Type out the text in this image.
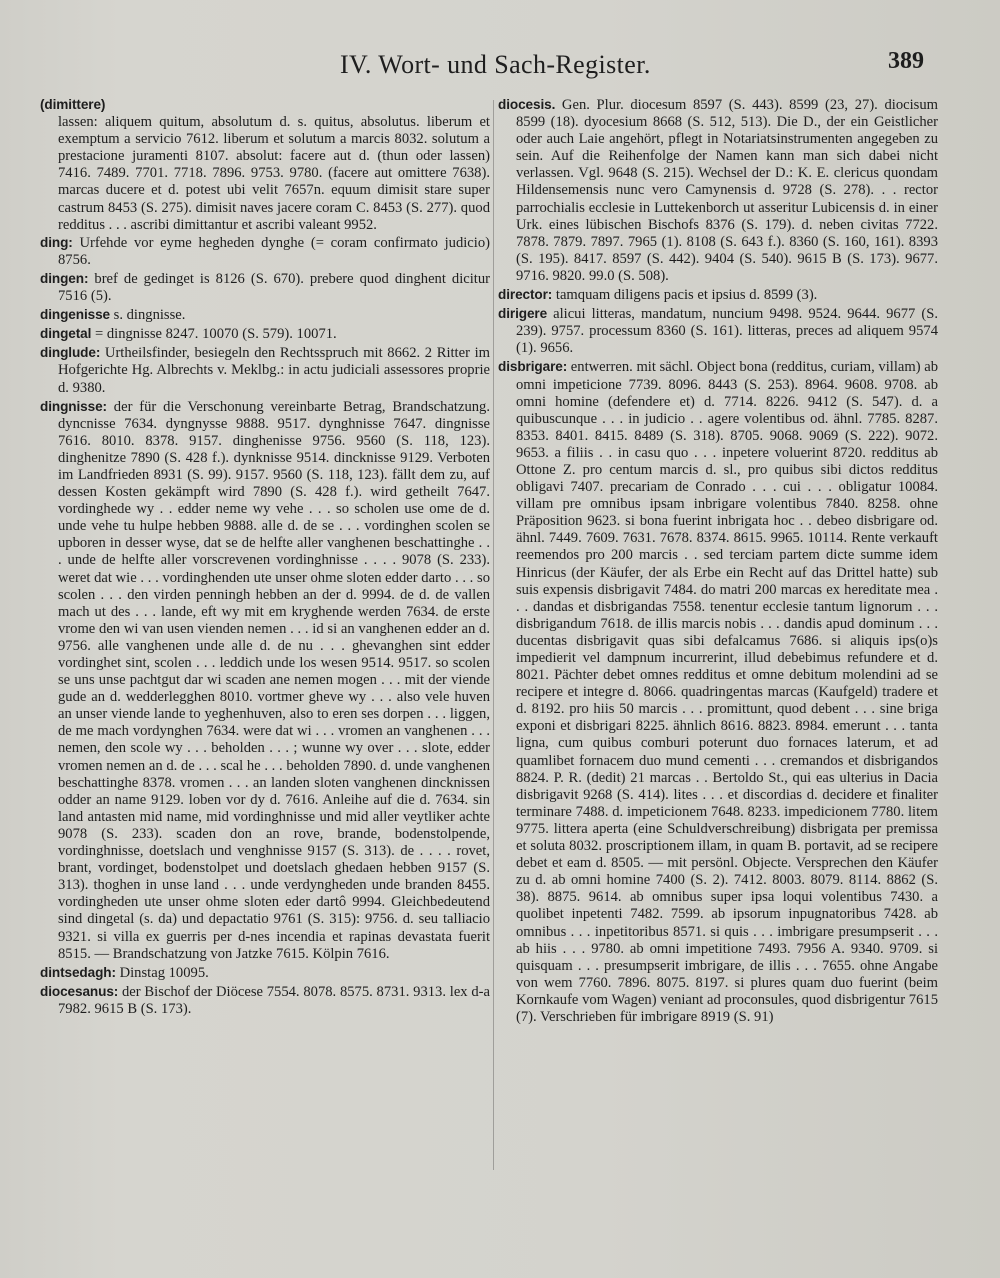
IV. Wort- und Sach-Register.	389

(dimittere)

lassen: aliquem quitum, absolutum d. s. quitus, absolutus. liberum et exemptum a servicio 7612. liberum et solutum a marcis 8032. solutum a prestacione juramenti 8107. absolut: facere aut d. (thun oder lassen) 7416. 7489. 7701. 7718. 7896. 9753. 9780. (facere aut omittere 7638). marcas ducere et d. potest ubi velit 7657n. equum dimisit stare super castrum 8453 (S. 275). dimisit naves jacere coram C. 8453 (S. 277). quod redditus . . . ascribi dimittantur et ascribi valeant 9952.

ding: Urfehde vor eyme hegheden dynghe (= coram confirmato judicio) 8756.

dingen: bref de gedinget is 8126 (S. 670). prebere quod dinghent dicitur 7516 (5).

dingenisse s. dingnisse.

dingetal = dingnisse 8247. 10070 (S. 579). 10071.

dinglude: Urtheilsfinder, besiegeln den Rechtsspruch mit 8662. 2 Ritter im Hofgerichte Hg. Albrechts v. Meklbg.: in actu judiciali assessores proprie d. 9380.

dingnisse: der für die Verschonung vereinbarte Betrag, Brandschatzung. dyncnisse 7634. dyngnysse 9888. 9517. dynghnisse 7647. dingnisse 7616. 8010. 8378. 9157. dinghenisse 9756. 9560 (S. 118, 123). dinghenitze 7890 (S. 428 f.). dynknisse 9514. dincknisse 9129. Verboten im Landfrieden 8931 (S. 99). 9157. 9560 (S. 118, 123). fällt dem zu, auf dessen Kosten gekämpft wird 7890 (S. 428 f.). wird getheilt 7647. vordinghede wy . . edder neme wy vehe . . . so scholen use ome de d. unde vehe tu hulpe hebben 9888. alle d. de se . . . vordinghen scolen se upboren in desser wyse, dat se de helfte aller vanghenen beschattinghe . . . unde de helfte aller vorscrevenen vordinghnisse . . . . 9078 (S. 233). weret dat wie . . . vordinghenden ute unser ohme sloten edder darto . . . so scolen . . . den virden penningh hebben an der d. 9994. de d. de vallen mach ut des . . . lande, eft wy mit em kryghende werden 7634. de erste vrome den wi van usen vienden nemen . . . id si an vanghenen edder an d. 9756. alle vanghenen unde alle d. de nu . . . ghevanghen sint edder vordinghet sint, scolen . . . leddich unde los wesen 9514. 9517. so scolen se uns unse pachtgut dar wi scaden ane nemen mogen . . . mit der viende gude an d. wedderlegghen 8010. vortmer gheve wy . . . also vele huven an unser viende lande to yeghenhuven, also to eren ses dorpen . . . liggen, de me mach vordynghen 7634. were dat wi . . . vromen an vanghenen . . . nemen, den scole wy . . . beholden . . . ; wunne wy over . . . slote, edder vromen nemen an d. de . . . scal he . . . beholden 7890. d. unde vanghenen beschattinghe 8378. vromen . . . an landen sloten vanghenen dincknissen odder an name 9129. loben vor dy d. 7616. Anleihe auf die d. 7634. sin land antasten mid name, mid vordinghnisse und mid aller veytliker achte 9078 (S. 233). scaden don an rove, brande, bodenstolpende, vordinghnisse, doetslach und venghnisse 9157 (S. 313). de . . . . rovet, brant, vordinget, bodenstolpet und doetslach ghedaen hebben 9157 (S. 313). thoghen in unse land . . . unde verdyngheden unde branden 8455. vordingheden ute unser ohme sloten eder dartô 9994. Gleichbedeutend sind dingetal (s. da) und depactatio 9761 (S. 315): 9756. d. seu talliacio 9321. si villa ex guerris per d-nes incendia et rapinas devastata fuerit 8515. — Brandschatzung von Jatzke 7615. Kölpin 7616.

dintsedagh: Dinstag 10095.

diocesanus: der Bischof der Diöcese 7554. 8078. 8575. 8731. 9313. lex d-a 7982. 9615 B (S. 173).

diocesis. Gen. Plur. diocesum 8597 (S. 443). 8599 (23, 27). diocisum 8599 (18). dyocesium 8668 (S. 512, 513). Die D., der ein Geistlicher oder auch Laie angehört, pflegt in Notariatsinstrumenten angegeben zu sein. Auf die Reihenfolge der Namen kann man sich dabei nicht verlassen. Vgl. 9648 (S. 215). Wechsel der D.: K. E. clericus quondam Hildensemensis nunc vero Camynensis d. 9728 (S. 278). . . rector parrochialis ecclesie in Luttekenborch ut asseritur Lubicensis d. in einer Urk. eines lübischen Bischofs 8376 (S. 179). d. neben civitas 7722. 7878. 7879. 7897. 7965 (1). 8108 (S. 643 f.). 8360 (S. 160, 161). 8393 (S. 195). 8417. 8597 (S. 442). 9404 (S. 540). 9615 B (S. 173). 9677. 9716. 9820. 99.0 (S. 508).

director: tamquam diligens pacis et ipsius d. 8599 (3).

dirigere alicui litteras, mandatum, nuncium 9498. 9524. 9644. 9677 (S. 239). 9757. processum 8360 (S. 161). litteras, preces ad aliquem 9574 (1). 9656.

disbrigare: entwerren. mit sächl. Object bona (redditus, curiam, villam) ab omni impeticione 7739. 8096. 8443 (S. 253). 8964. 9608. 9708. ab omni homine (defendere et) d. 7714. 8226. 9412 (S. 547). d. a quibuscunque . . . in judicio . . agere volentibus od. ähnl. 7785. 8287. 8353. 8401. 8415. 8489 (S. 318). 8705. 9068. 9069 (S. 222). 9072. 9653. a filiis . . in casu quo . . . inpetere voluerint 8720. redditus ab Ottone Z. pro centum marcis d. sl., pro quibus sibi dictos redditus obligavi 7407. precariam de Conrado . . . cui . . . obligatur 10084. villam pre omnibus ipsam inbrigare volentibus 7840. 8258. ohne Präposition 9623. si bona fuerint inbrigata hoc . . debeo disbrigare od. ähnl. 7449. 7609. 7631. 7678. 8374. 8615. 9965. 10114. Rente verkauft reemendos pro 200 marcis . . sed terciam partem dicte summe idem Hinricus (der Käufer, der als Erbe ein Recht auf das Drittel hatte) sub suis expensis disbrigavit 7484. do matri 200 marcas ex hereditate mea . . . dandas et disbrigandas 7558. tenentur ecclesie tantum lignorum . . . disbrigandum 7618. de illis marcis nobis . . . dandis apud dominum . . . ducentas disbrigavit quas sibi defalcamus 7686. si aliquis ips(o)s impedierit vel dampnum incurrerint, illud debebimus refundere et d. 8021. Pächter debet omnes redditus et omne debitum molendini ad se recipere et integre d. 8066. quadringentas marcas (Kaufgeld) tradere et d. 8192. pro hiis 50 marcis . . . promittunt, quod debent . . . sine briga exponi et disbrigari 8225. ähnlich 8616. 8823. 8984. emerunt . . . tanta ligna, cum quibus comburi poterunt duo fornaces laterum, et ad quamlibet fornacem duo mund cementi . . . cremandos et disbrigandos 8824. P. R. (dedit) 21 marcas . . Bertoldo St., qui eas ulterius in Dacia disbrigavit 9268 (S. 414). lites . . . et discordias d. decidere et finaliter terminare 7488. d. impeticionem 7648. 8233. impedicionem 7780. litem 9775. littera aperta (eine Schuldverschreibung) disbrigata per premissa et soluta 8032. proscriptionem illam, in quam B. portavit, ad se recipere debet et eam d. 8505. — mit persönl. Objecte. Versprechen den Käufer zu d. ab omni homine 7400 (S. 2). 7412. 8003. 8079. 8114. 8862 (S. 38). 8875. 9614. ab omnibus super ipsa loqui volentibus 7430. a quolibet inpetenti 7482. 7599. ab ipsorum inpugnatoribus 7428. ab omnibus . . . inpetitoribus 8571. si quis . . . imbrigare presumpserit . . . ab hiis . . . 9780. ab omni impetitione 7493. 7956 A. 9340. 9709. si quisquam . . . presumpserit imbrigare, de illis . . . 7655. ohne Angabe von wem 7760. 7896. 8075. 8197. si plures quam duo fuerint (beim Kornkaufe vom Wagen) veniant ad proconsules, quod disbrigentur 7615 (7). Verschrieben für imbrigare 8919 (S. 91)
